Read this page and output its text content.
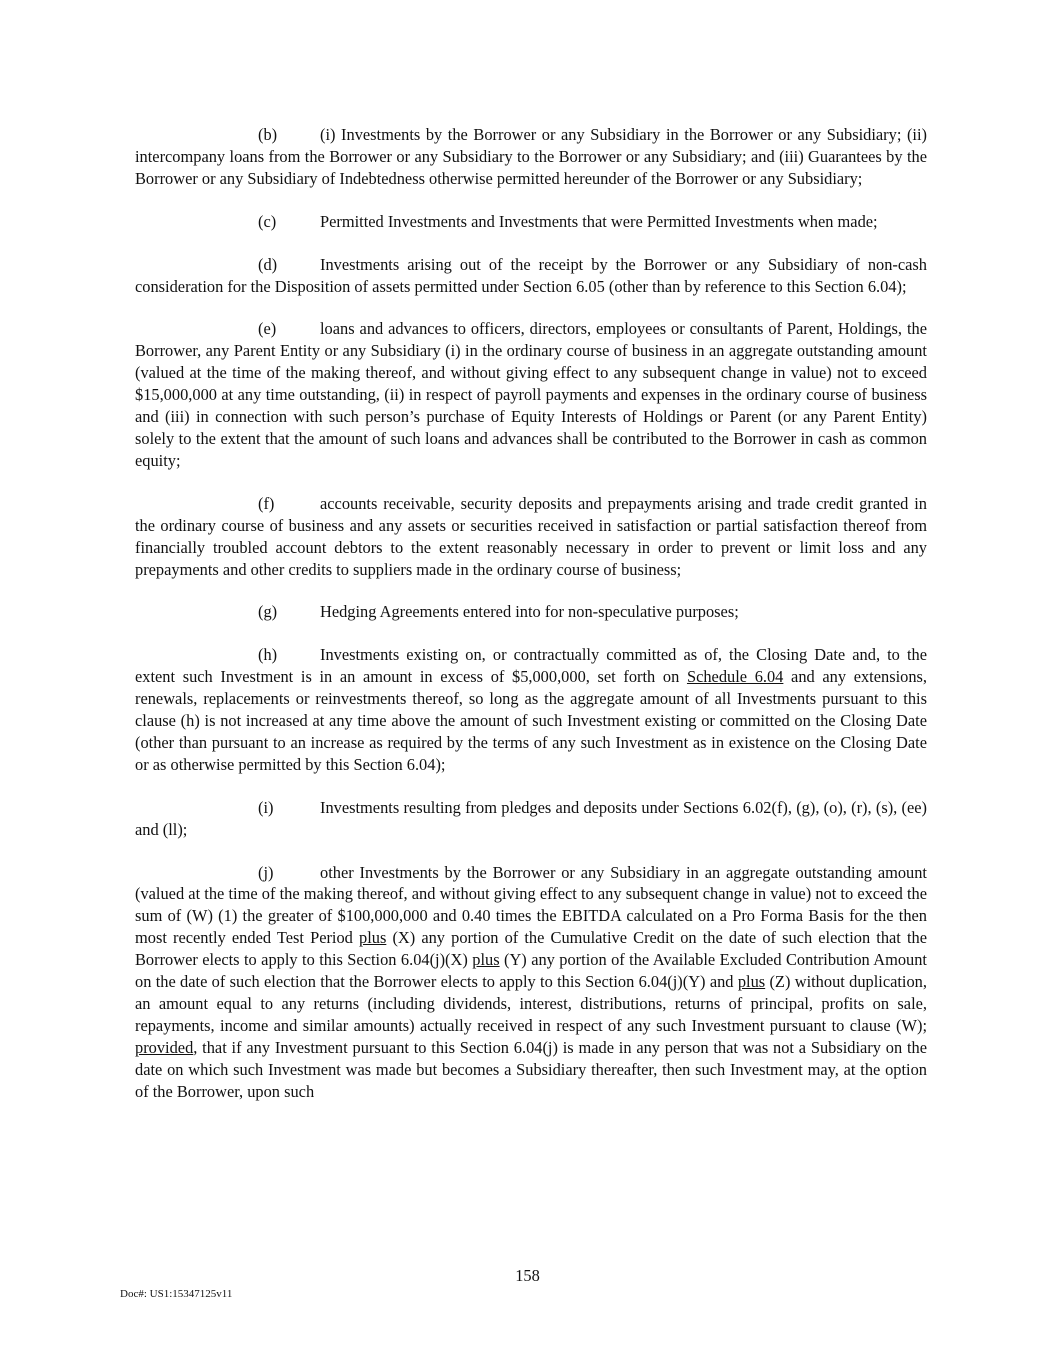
(b)	(i) Investments by the Borrower or any Subsidiary in the Borrower or any Subsidiary; (ii) intercompany loans from the Borrower or any Subsidiary to the Borrower or any Subsidiary; and (iii) Guarantees by the Borrower or any Subsidiary of Indebtedness otherwise permitted hereunder of the Borrower or any Subsidiary;

(c)	Permitted Investments and Investments that were Permitted Investments when made;

(d)	Investments arising out of the receipt by the Borrower or any Subsidiary of non-cash consideration for the Disposition of assets permitted under Section 6.05 (other than by reference to this Section 6.04);

(e)	loans and advances to officers, directors, employees or consultants of Parent, Holdings, the Borrower, any Parent Entity or any Subsidiary (i) in the ordinary course of business in an aggregate outstanding amount (valued at the time of the making thereof, and without giving effect to any subsequent change in value) not to exceed $15,000,000 at any time outstanding, (ii) in respect of payroll payments and expenses in the ordinary course of business and (iii) in connection with such person’s purchase of Equity Interests of Holdings or Parent (or any Parent Entity) solely to the extent that the amount of such loans and advances shall be contributed to the Borrower in cash as common equity;

(f)	accounts receivable, security deposits and prepayments arising and trade credit granted in the ordinary course of business and any assets or securities received in satisfaction or partial satisfaction thereof from financially troubled account debtors to the extent reasonably necessary in order to prevent or limit loss and any prepayments and other credits to suppliers made in the ordinary course of business;

(g)	Hedging Agreements entered into for non-speculative purposes;

(h)	Investments existing on, or contractually committed as of, the Closing Date and, to the extent such Investment is in an amount in excess of $5,000,000, set forth on Schedule 6.04 and any extensions, renewals, replacements or reinvestments thereof, so long as the aggregate amount of all Investments pursuant to this clause (h) is not increased at any time above the amount of such Investment existing or committed on the Closing Date (other than pursuant to an increase as required by the terms of any such Investment as in existence on the Closing Date or as otherwise permitted by this Section 6.04);

(i)	Investments resulting from pledges and deposits under Sections 6.02(f), (g), (o), (r), (s), (ee) and (ll);

(j)	other Investments by the Borrower or any Subsidiary in an aggregate outstanding amount (valued at the time of the making thereof, and without giving effect to any subsequent change in value) not to exceed the sum of (W) (1) the greater of $100,000,000 and 0.40 times the EBITDA calculated on a Pro Forma Basis for the then most recently ended Test Period plus (X) any portion of the Cumulative Credit on the date of such election that the Borrower elects to apply to this Section 6.04(j)(X) plus (Y) any portion of the Available Excluded Contribution Amount on the date of such election that the Borrower elects to apply to this Section 6.04(j)(Y) and plus (Z) without duplication, an amount equal to any returns (including dividends, interest, distributions, returns of principal, profits on sale, repayments, income and similar amounts) actually received in respect of any such Investment pursuant to clause (W); provided, that if any Investment pursuant to this Section 6.04(j) is made in any person that was not a Subsidiary on the date on which such Investment was made but becomes a Subsidiary thereafter, then such Investment may, at the option of the Borrower, upon such

158
Doc#: US1:15347125v11
